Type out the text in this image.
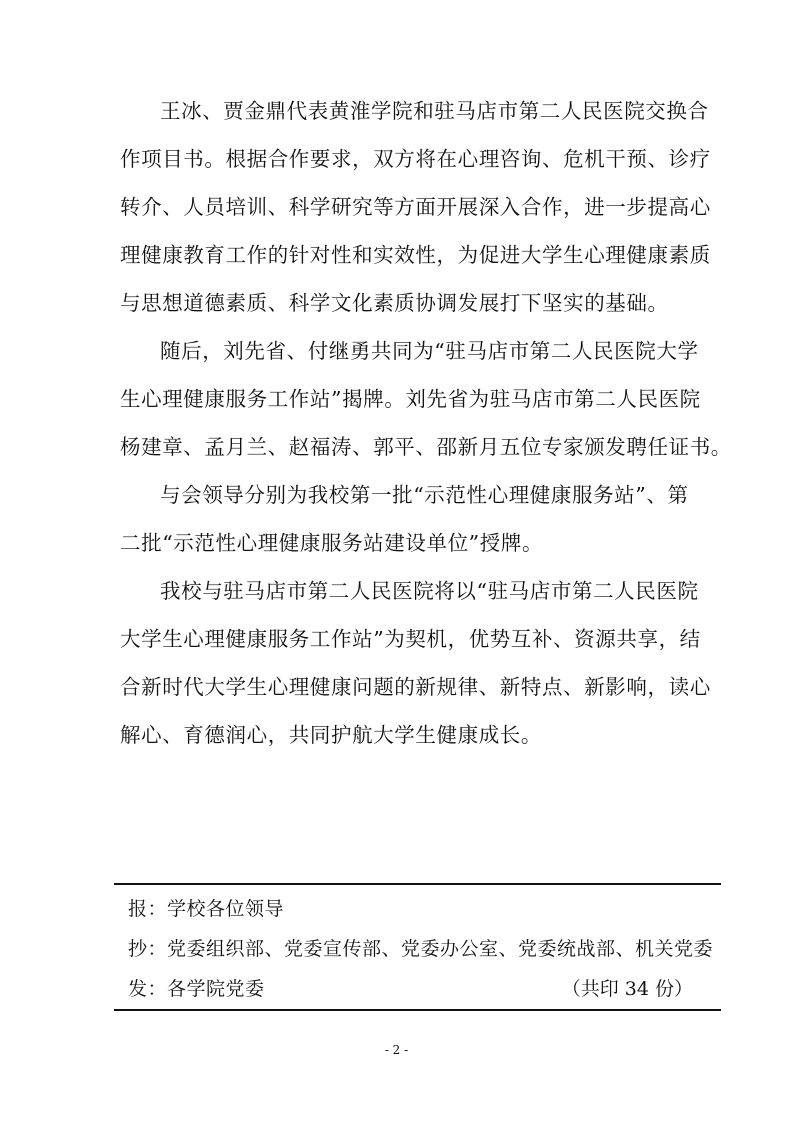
王冰、贾金鼎代表黄淮学院和驻马店市第二人民医院交换合
作项目书。根据合作要求，双方将在心理咨询、危机干预、诊疗
转介、人员培训、科学研究等方面开展深入合作，进一步提高心
理健康教育工作的针对性和实效性，为促进大学生心理健康素质
与思想道德素质、科学文化素质协调发展打下坚实的基础。
随后，刘先省、付继勇共同为“驻马店市第二人民医院大学
生心理健康服务工作站”揭牌。刘先省为驻马店市第二人民医院
杨建章、孟月兰、赵福涛、郭平、邵新月五位专家颁发聘任证书。
与会领导分别为我校第一批“示范性心理健康服务站”、第
二批“示范性心理健康服务站建设单位”授牌。
我校与驻马店市第二人民医院将以“驻马店市第二人民医院
大学生心理健康服务工作站”为契机，优势互补、资源共享，结
合新时代大学生心理健康问题的新规律、新特点、新影响，读心
解心、育德润心，共同护航大学生健康成长。
报：学校各位领导
抄：党委组织部、党委宣传部、党委办公室、党委统战部、机关党委
发：各学院党委	（共印 34 份）
- 2 -
